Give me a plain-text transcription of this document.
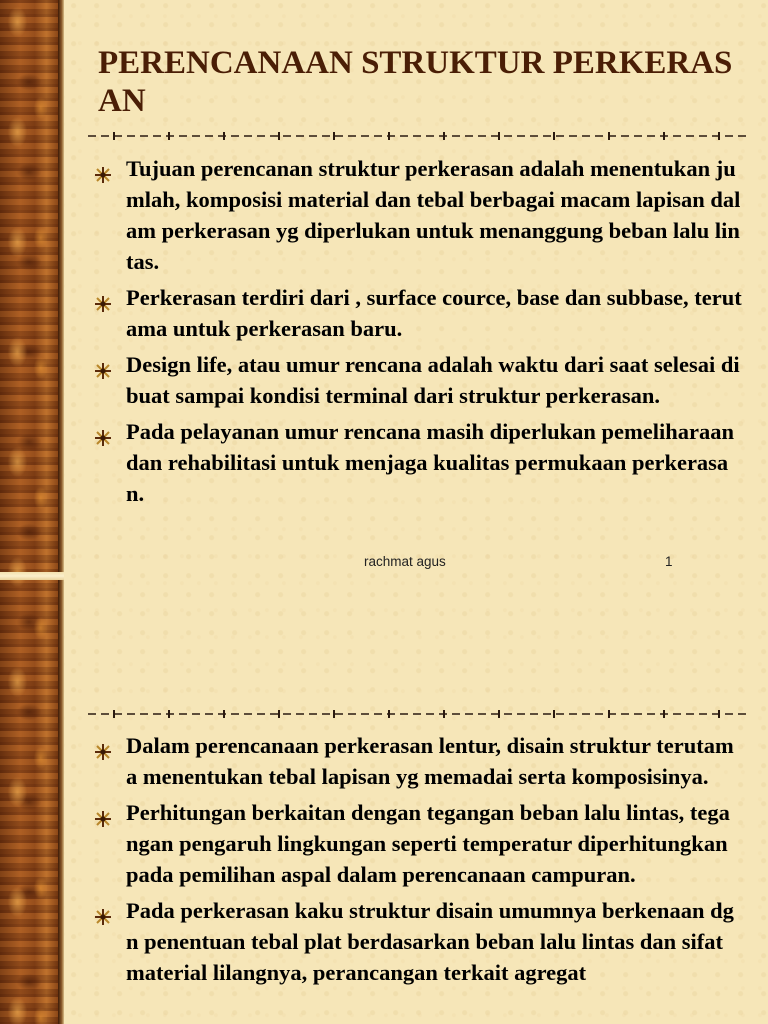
PERENCANAAN STRUKTUR PERKERASAN
Tujuan perencanan struktur perkerasan adalah menentukan jumlah, komposisi material dan tebal berbagai macam lapisan dalam perkerasan yg diperlukan untuk menanggung beban lalu lintas.
Perkerasan terdiri dari , surface cource, base dan subbase, terutama untuk perkerasan baru.
Design life, atau umur rencana adalah waktu dari saat selesai dibuat sampai kondisi terminal dari struktur perkerasan.
Pada pelayanan umur rencana masih diperlukan pemeliharaan dan rehabilitasi untuk menjaga kualitas permukaan perkerasan.
rachmat agus	1
Dalam perencanaan perkerasan lentur, disain struktur terutama menentukan tebal lapisan yg memadai serta komposisinya.
Perhitungan berkaitan dengan tegangan beban lalu lintas, tegangan pengaruh lingkungan seperti temperatur diperhitungkan pada pemilihan aspal dalam perencanaan campuran.
Pada perkerasan kaku struktur disain umumnya berkenaan dgn penentuan tebal plat berdasarkan beban lalu lintas dan sifat material lilangnya, perancangan terkait agregat
